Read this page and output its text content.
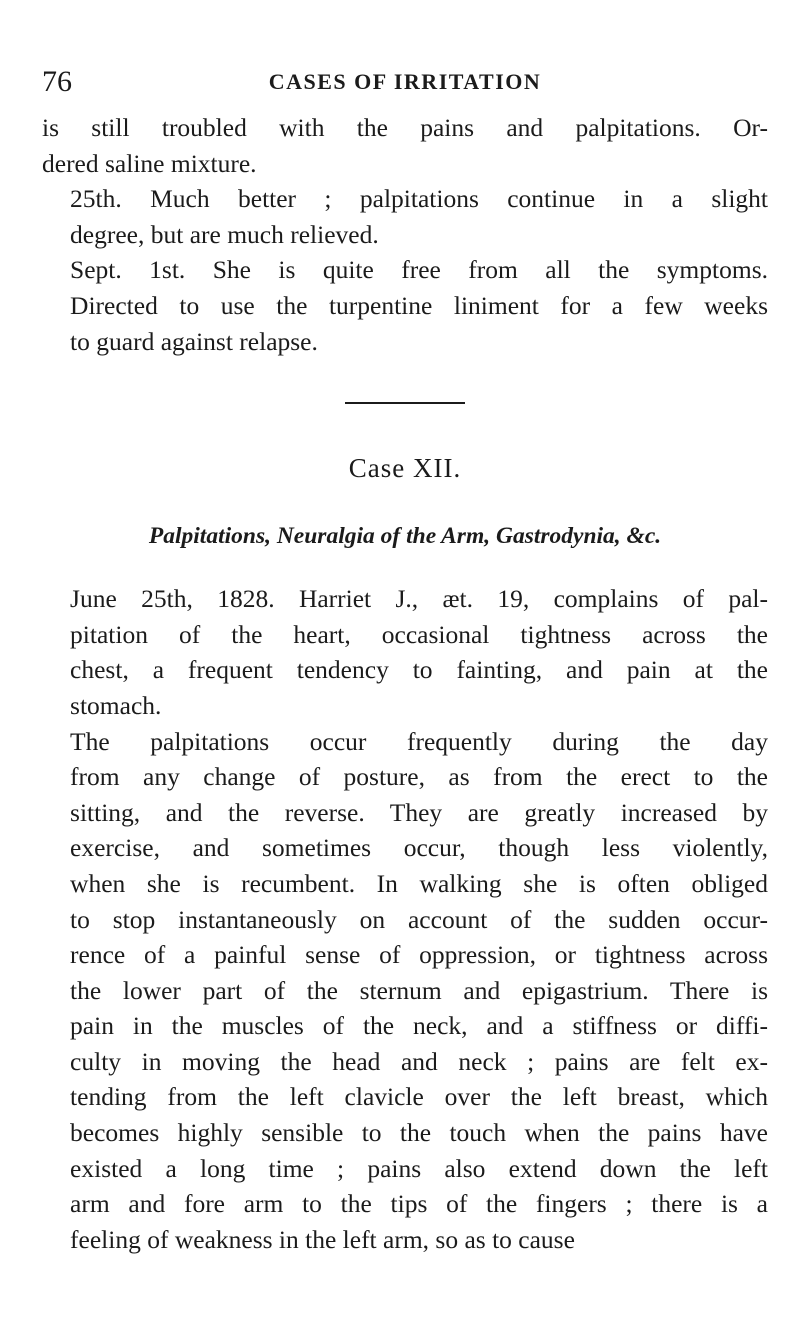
76	CASES OF IRRITATION

is still troubled with the pains and palpitations. Or-
dered saline mixture.

25th. Much better ; palpitations continue in a slight
degree, but are much relieved.

Sept. 1st. She is quite free from all the symptoms.
Directed to use the turpentine liniment for a few weeks
to guard against relapse.

Case XII.
Palpitations, Neuralgia of the Arm, Gastrodynia, &c.

June 25th, 1828. Harriet J., æt. 19, complains of pal-
pitation of the heart, occasional tightness across the
chest, a frequent tendency to fainting, and pain at the
stomach.

The palpitations occur frequently during the day
from any change of posture, as from the erect to the
sitting, and the reverse. They are greatly increased by
exercise, and sometimes occur, though less violently,
when she is recumbent. In walking she is often obliged
to stop instantaneously on account of the sudden occur-
rence of a painful sense of oppression, or tightness across
the lower part of the sternum and epigastrium. There is
pain in the muscles of the neck, and a stiffness or diffi-
culty in moving the head and neck ; pains are felt ex-
tending from the left clavicle over the left breast, which
becomes highly sensible to the touch when the pains have
existed a long time ; pains also extend down the left
arm and fore arm to the tips of the fingers ; there is a
feeling of weakness in the left arm, so as to cause
